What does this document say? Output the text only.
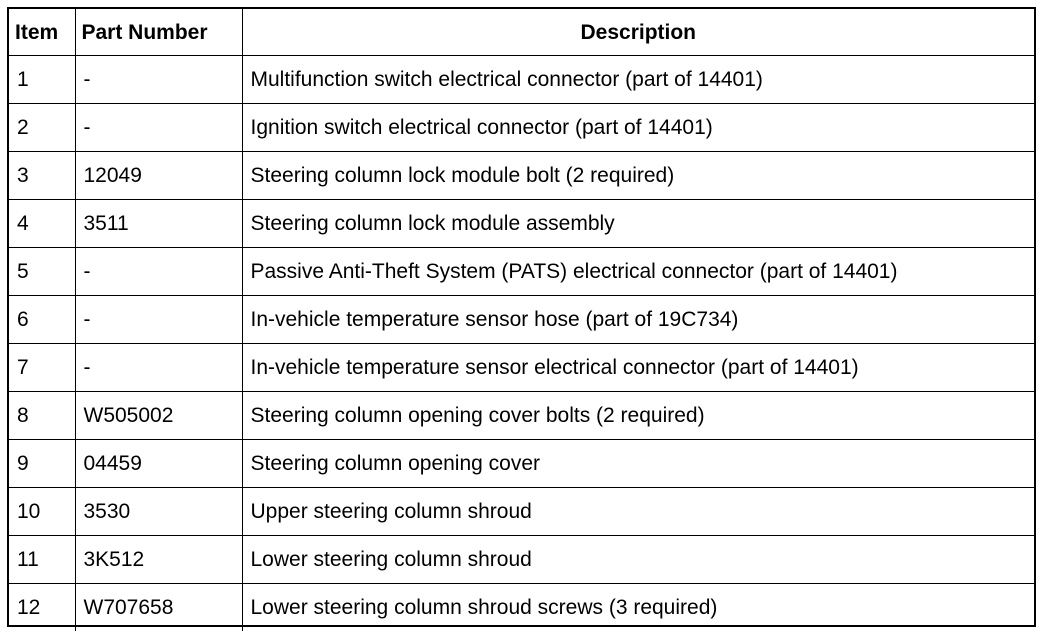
Item	Part Number	Description
1	-	Multifunction switch electrical connector (part of 14401)
2	-	Ignition switch electrical connector (part of 14401)
3	12049	Steering column lock module bolt (2 required)
4	3511	Steering column lock module assembly
5	-	Passive Anti-Theft System (PATS) electrical connector (part of 14401)
6	-	In-vehicle temperature sensor hose (part of 19C734)
7	-	In-vehicle temperature sensor electrical connector (part of 14401)
8	W505002	Steering column opening cover bolts (2 required)
9	04459	Steering column opening cover
10	3530	Upper steering column shroud
11	3K512	Lower steering column shroud
12	W707658	Lower steering column shroud screws (3 required)
